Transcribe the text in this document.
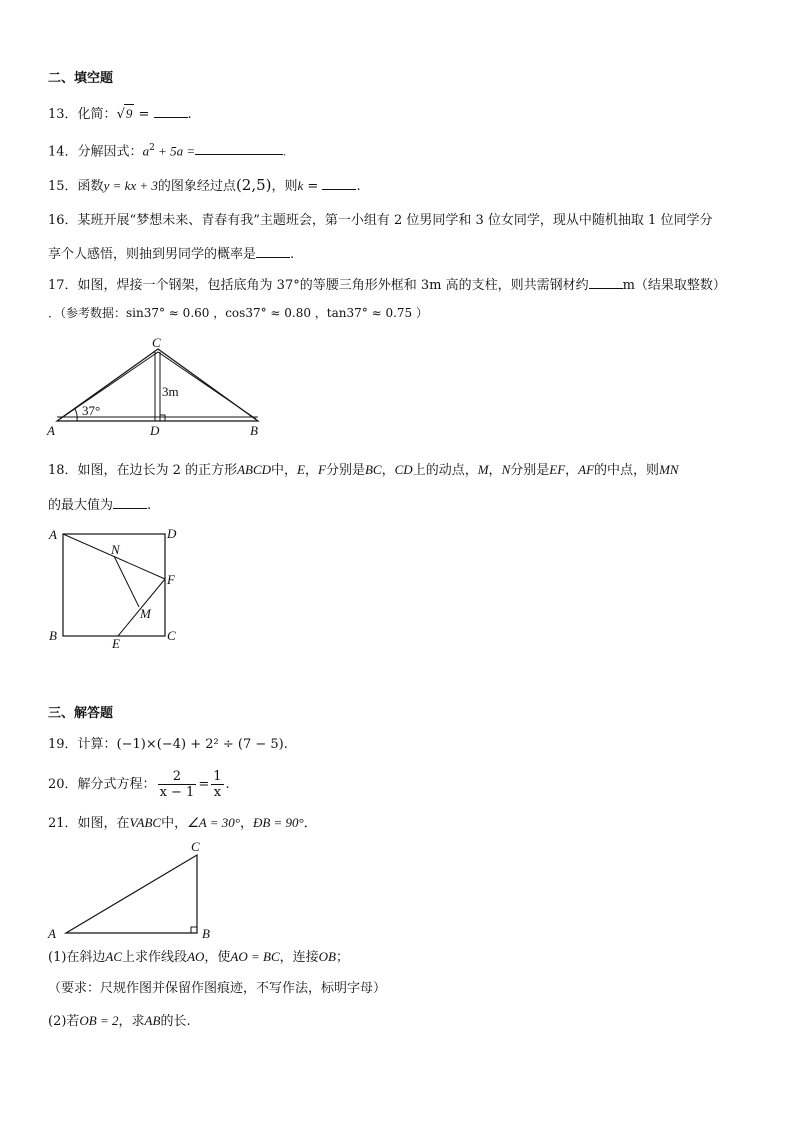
二、填空题
13．化简：√9 =	.
14．分解因式：$a^2 + 5a$ =	.
15．函数y = kx + 3的图象经过点(2,5)，则k =	.
16．某班开展“梦想未来、青春有我”主题班会，第一小组有 2 位男同学和 3 位女同学，现从中随机抽取 1 位同学分
享个人感悟，则抽到男同学的概率是	.
17．如图，焊接一个钢架，包括底角为 37°的等腰三角形外框和 3m 高的支柱，则共需钢材约	m（结果取整数）
．（参考数据：sin37° ≈ 0.60 ，cos37° ≈ 0.80 ，tan37° ≈ 0.75 ）
37°
3m
C
A	D	B
18．如图，在边长为 2 的正方形ABCD中，E，F分别是BC，CD上的动点，M，N分别是EF，AF的中点，则MN
的最大值为	.
A	D
B	C
E
F
M
N
三、解答题
19．计算：(−1)×(−4) + 2² ÷ (7 − 5).
20．解分式方程： $\frac{2}{x - 1} = \frac{1}{x}$ .
21．如图，在VABC中，∠A = 30°，ÐB = 90°．
C
A	B
(1)在斜边AC上求作线段AO，使AO = BC，连接OB；
（要求：尺规作图并保留作图痕迹，不写作法，标明字母）
(2)若OB = 2，求AB的长.
